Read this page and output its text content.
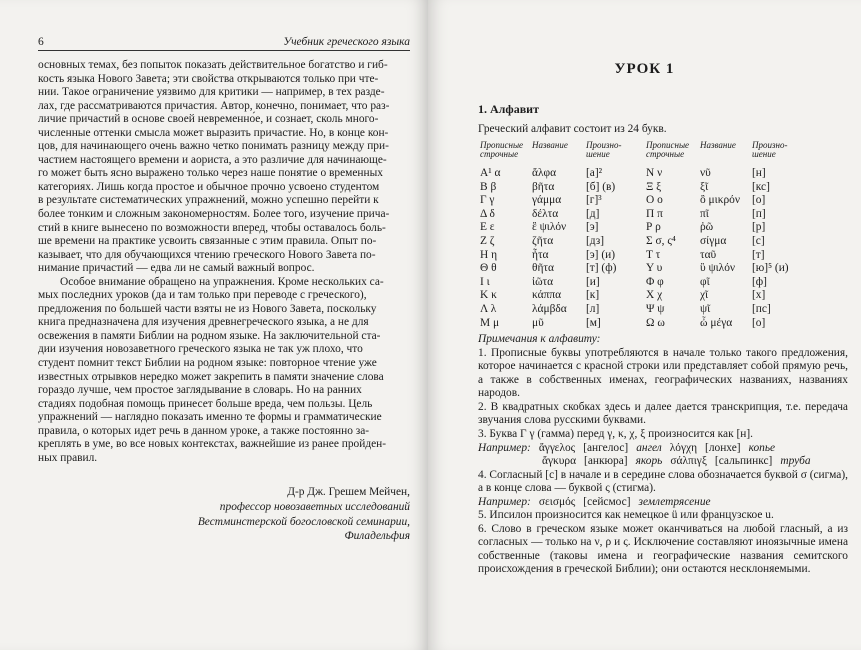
6	Учебник греческого языка
основных темах, без попыток показать действительное богатство и гиб-
кость языка Нового Завета; эти свойства открываются только при чте-
нии. Такое ограничение уязвимо для критики — например, в тех разде-
лах, где рассматриваются причастия. Автор, конечно, понимает, что раз-
личие причастий в основе своей невременно́е, и сознает, сколь много-
численные оттенки смысла может выразить причастие. Но, в конце кон-
цов, для начинающего очень важно четко понимать разницу между при-
частием настоящего времени и аориста, а это различие для начинающе-
го может быть ясно выражено только через наше понятие о временных
категориях. Лишь когда простое и обычное прочно усвоено студентом
в результате систематических упражнений, можно успешно перейти к
более тонким и сложным закономерностям. Более того, изучение прича-
стий в книге вынесено по возможности вперед, чтобы оставалось боль-
ше времени на практике усвоить связанные с этим правила. Опыт по-
казывает, что для обучающихся чтению греческого Нового Завета по-
нимание причастий — едва ли не самый важный вопрос.
Особое внимание обращено на упражнения. Кроме нескольких са-
мых последних уроков (да и там только при переводе с греческого),
предложения по большей части взяты не из Нового Завета, поскольку
книга предназначена для изучения древнегреческого языка, а не для
освежения в памяти Библии на родном языке. На заключительной ста-
дии изучения новозаветного греческого языка не так уж плохо, что
студент помнит текст Библии на родном языке: повторное чтение уже
известных отрывков нередко может закрепить в памяти значение слова
гораздо лучше, чем простое заглядывание в словарь. Но на ранних
стадиях подобная помощь принесет больше вреда, чем пользы. Цель
упражнений — наглядно показать именно те формы и грамматические
правила, о которых идет речь в данном уроке, а также постоянно за-
креплять в уме, во все новых контекстах, важнейшие из ранее пройден-
ных правил.
Д-р Дж. Грешем Мейчен,
профессор новозаветных исследований
Вестминстерской богословской семинарии,
Филадельфия
УРОК 1
1. Алфавит
Греческий алфавит состоит из 24 букв.
Прописные строчные	Название	Произно- шение	Прописные строчные	Название	Произно- шение
Α¹ α	ἄλφα	[а]²	Ν ν	νῦ	[н]
Β β	βῆτα	[б] (в)	Ξ ξ	ξῖ	[кс]
Γ γ	γάμμα	[г]³	Ο ο	ὂ μικρόν	[о]
Δ δ	δέλτα	[д]	Π π	πῖ	[п]
Ε ε	ἒ ψιλόν	[э]	Ρ ρ	ῥῶ	[р]
Ζ ζ	ζῆτα	[дз]	Σ σ, ς⁴	σίγμα	[с]
Η η	ἦτα	[э] (и)	Τ τ	ταῦ	[т]
Θ θ	θῆτα	[т] (ф)	Υ υ	ὓ ψιλόν	[ю]⁵ (и)
Ι ι	ἰῶτα	[и]	Φ φ	φῖ	[ф]
Κ κ	κάππα	[к]	Χ χ	χῖ	[х]
Λ λ	λάμβδα	[л]	Ψ ψ	ψῖ	[пс]
Μ μ	μῦ	[м]	Ω ω	ὦ μέγα	[о]

Примечания к алфавиту:

1. Прописные буквы употребляются в начале только такого предложения, которое начинается с красной строки или представляет собой прямую речь, а также в собственных именах, географических названиях, названиях народов.

2. В квадратных скобках здесь и далее дается транскрипция, т.е. передача звучания слова русскими буквами.

3. Буква Γ γ (гамма) перед γ, κ, χ, ξ произносится как [н].

Например: ἄγγελος [ангелос] ангел λόγχη [лонхе] копье
ἄγκυρα [анкюра] якорь σάλπιγξ [сальпинкс] труба

4. Согласный [с] в начале и в середине слова обозначается буквой σ (сигма), а в конце слова — буквой ς (стигма).

Например: σεισμός [сейсмос] землетрясение

5. Ипсилон произносится как немецкое ü или французское u.

6. Слово в греческом языке может оканчиваться на любой гласный, а из согласных — только на ν, ρ и ς. Исключение составляют иноязычные имена собственные (таковы имена и географические названия семитского происхождения в греческой Библии); они остаются несклоняемыми.
